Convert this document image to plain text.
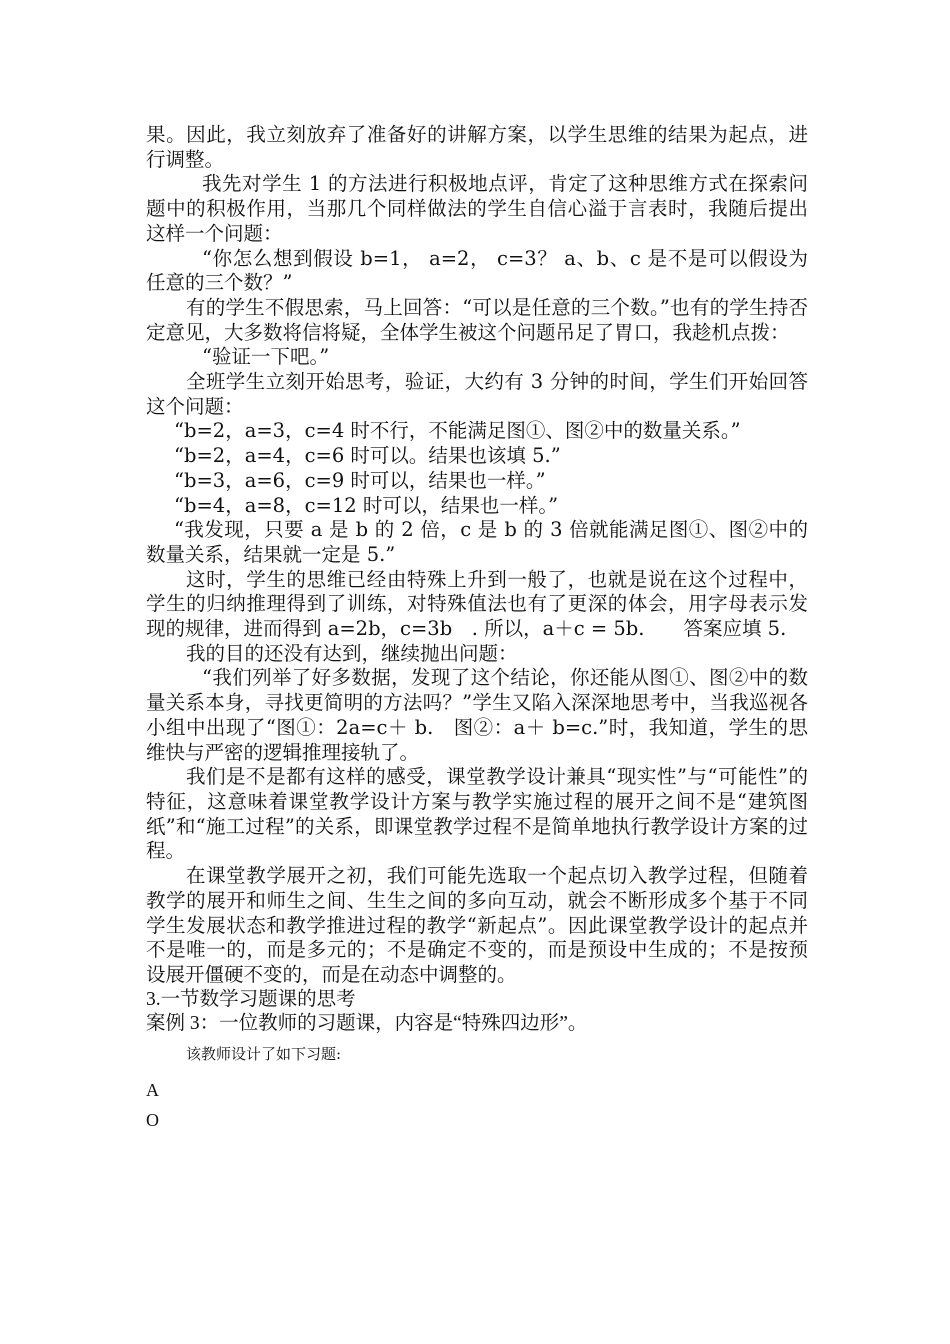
果。因此，我立刻放弃了准备好的讲解方案，以学生思维的结果为起点，进行调整。

我先对学生 1 的方法进行积极地点评，肯定了这种思维方式在探索问题中的积极作用，当那几个同样做法的学生自信心溢于言表时，我随后提出这样一个问题：

“你怎么想到假设 b=1， a=2， c=3？ a、b、c 是不是可以假设为任意的三个数？”

有的学生不假思索，马上回答：“可以是任意的三个数。”也有的学生持否定意见，大多数将信将疑，全体学生被这个问题吊足了胃口，我趁机点拨：

“验证一下吧。”

全班学生立刻开始思考，验证，大约有 3 分钟的时间，学生们开始回答这个问题：

“b=2，a=3，c=4 时不行，不能满足图①、图②中的数量关系。”

“b=2，a=4，c=6 时可以。结果也该填 5.”

“b=3，a=6，c=9 时可以，结果也一样。”

“b=4，a=8，c=12 时可以，结果也一样。”

“我发现，只要 a 是 b 的 2 倍，c 是 b 的 3 倍就能满足图①、图②中的数量关系，结果就一定是 5.”

这时，学生的思维已经由特殊上升到一般了，也就是说在这个过程中，学生的归纳推理得到了训练，对特殊值法也有了更深的体会，用字母表示发现的规律，进而得到 a=2b，c=3b　. 所以，a＋c = 5b.　　答案应填 5.

我的目的还没有达到，继续抛出问题：

“我们列举了好多数据，发现了这个结论，你还能从图①、图②中的数量关系本身，寻找更简明的方法吗？”学生又陷入深深地思考中，当我巡视各小组中出现了“图①：2a=c＋ b.　图②：a＋ b=c.”时，我知道，学生的思维快与严密的逻辑推理接轨了。

我们是不是都有这样的感受，课堂教学设计兼具“现实性”与“可能性”的特征，这意味着课堂教学设计方案与教学实施过程的展开之间不是“建筑图纸”和“施工过程”的关系，即课堂教学过程不是简单地执行教学设计方案的过程。

在课堂教学展开之初，我们可能先选取一个起点切入教学过程，但随着教学的展开和师生之间、生生之间的多向互动，就会不断形成多个基于不同学生发展状态和教学推进过程的教学“新起点”。因此课堂教学设计的起点并不是唯一的，而是多元的；不是确定不变的，而是预设中生成的；不是按预设展开僵硬不变的，而是在动态中调整的。

3.一节数学习题课的思考

案例 3：一位教师的习题课，内容是“特殊四边形”。

该教师设计了如下习题:

A

O
